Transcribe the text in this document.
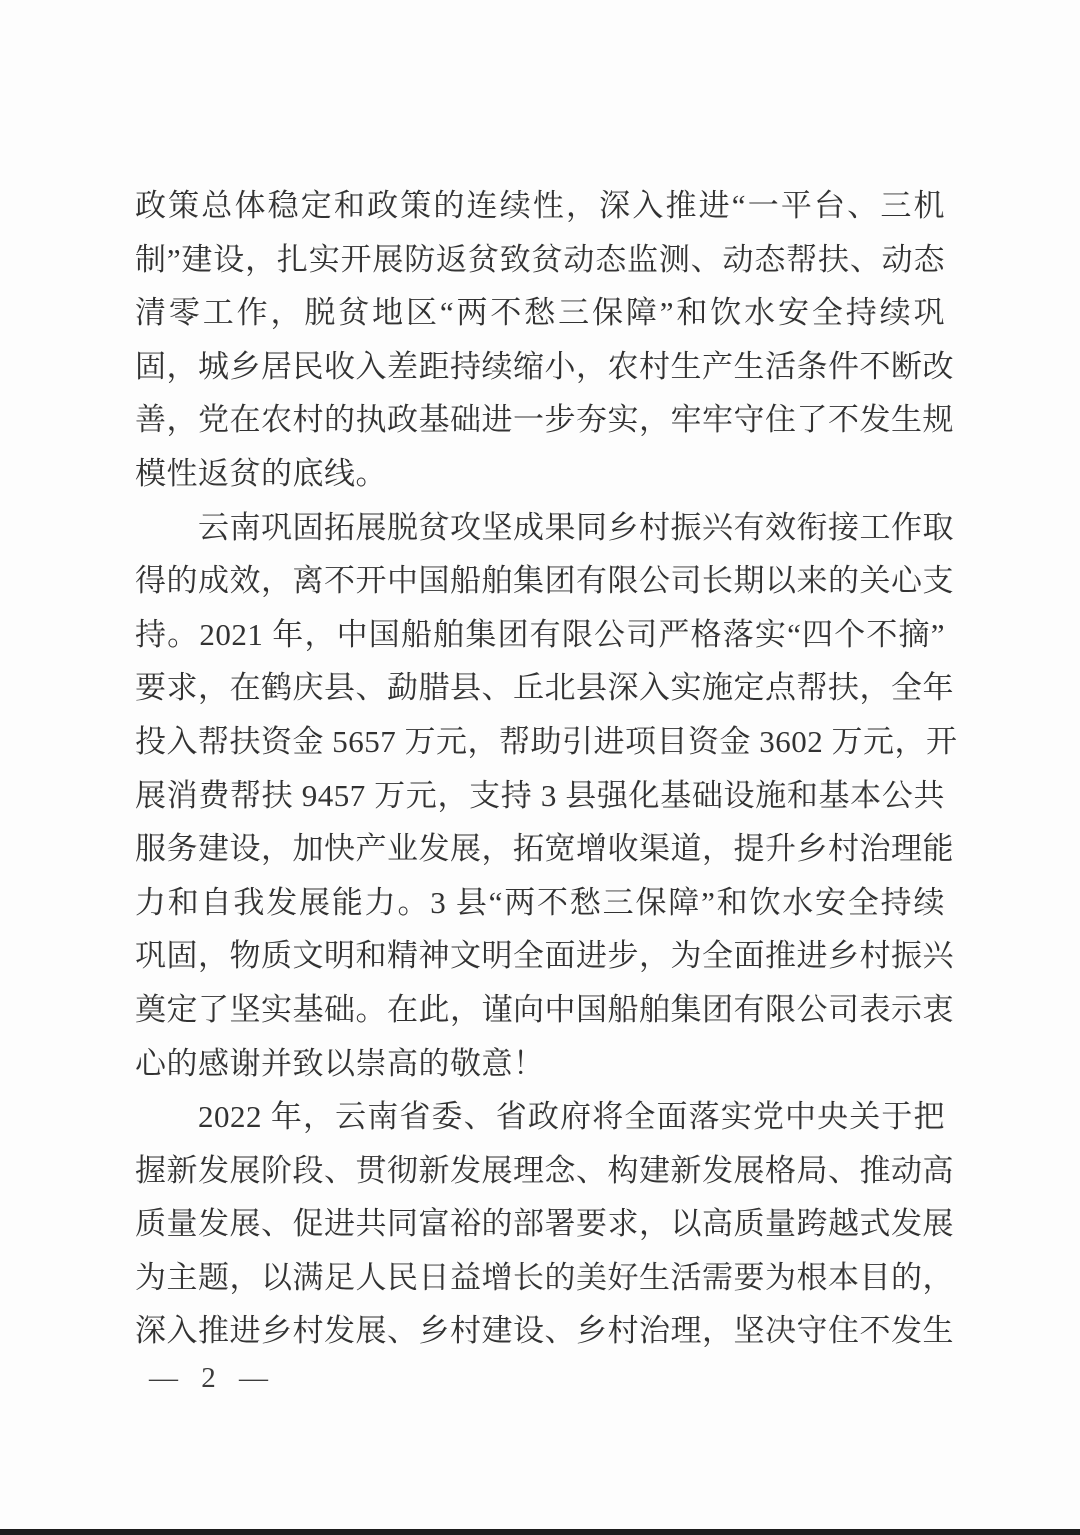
政策总体稳定和政策的连续性，深入推进“一平台、三机
制”建设，扎实开展防返贫致贫动态监测、动态帮扶、动态
清零工作，脱贫地区“两不愁三保障”和饮水安全持续巩
固，城乡居民收入差距持续缩小，农村生产生活条件不断改
善，党在农村的执政基础进一步夯实，牢牢守住了不发生规
模性返贫的底线。
云南巩固拓展脱贫攻坚成果同乡村振兴有效衔接工作取
得的成效，离不开中国船舶集团有限公司长期以来的关心支
持。2021 年，中国船舶集团有限公司严格落实“四个不摘”
要求，在鹤庆县、勐腊县、丘北县深入实施定点帮扶，全年
投入帮扶资金 5657 万元，帮助引进项目资金 3602 万元，开
展消费帮扶 9457 万元，支持 3 县强化基础设施和基本公共
服务建设，加快产业发展，拓宽增收渠道，提升乡村治理能
力和自我发展能力。3 县“两不愁三保障”和饮水安全持续
巩固，物质文明和精神文明全面进步，为全面推进乡村振兴
奠定了坚实基础。在此，谨向中国船舶集团有限公司表示衷
心的感谢并致以崇高的敬意！
2022 年，云南省委、省政府将全面落实党中央关于把
握新发展阶段、贯彻新发展理念、构建新发展格局、推动高
质量发展、促进共同富裕的部署要求，以高质量跨越式发展
为主题，以满足人民日益增长的美好生活需要为根本目的，
深入推进乡村发展、乡村建设、乡村治理，坚决守住不发生
— 2 —
